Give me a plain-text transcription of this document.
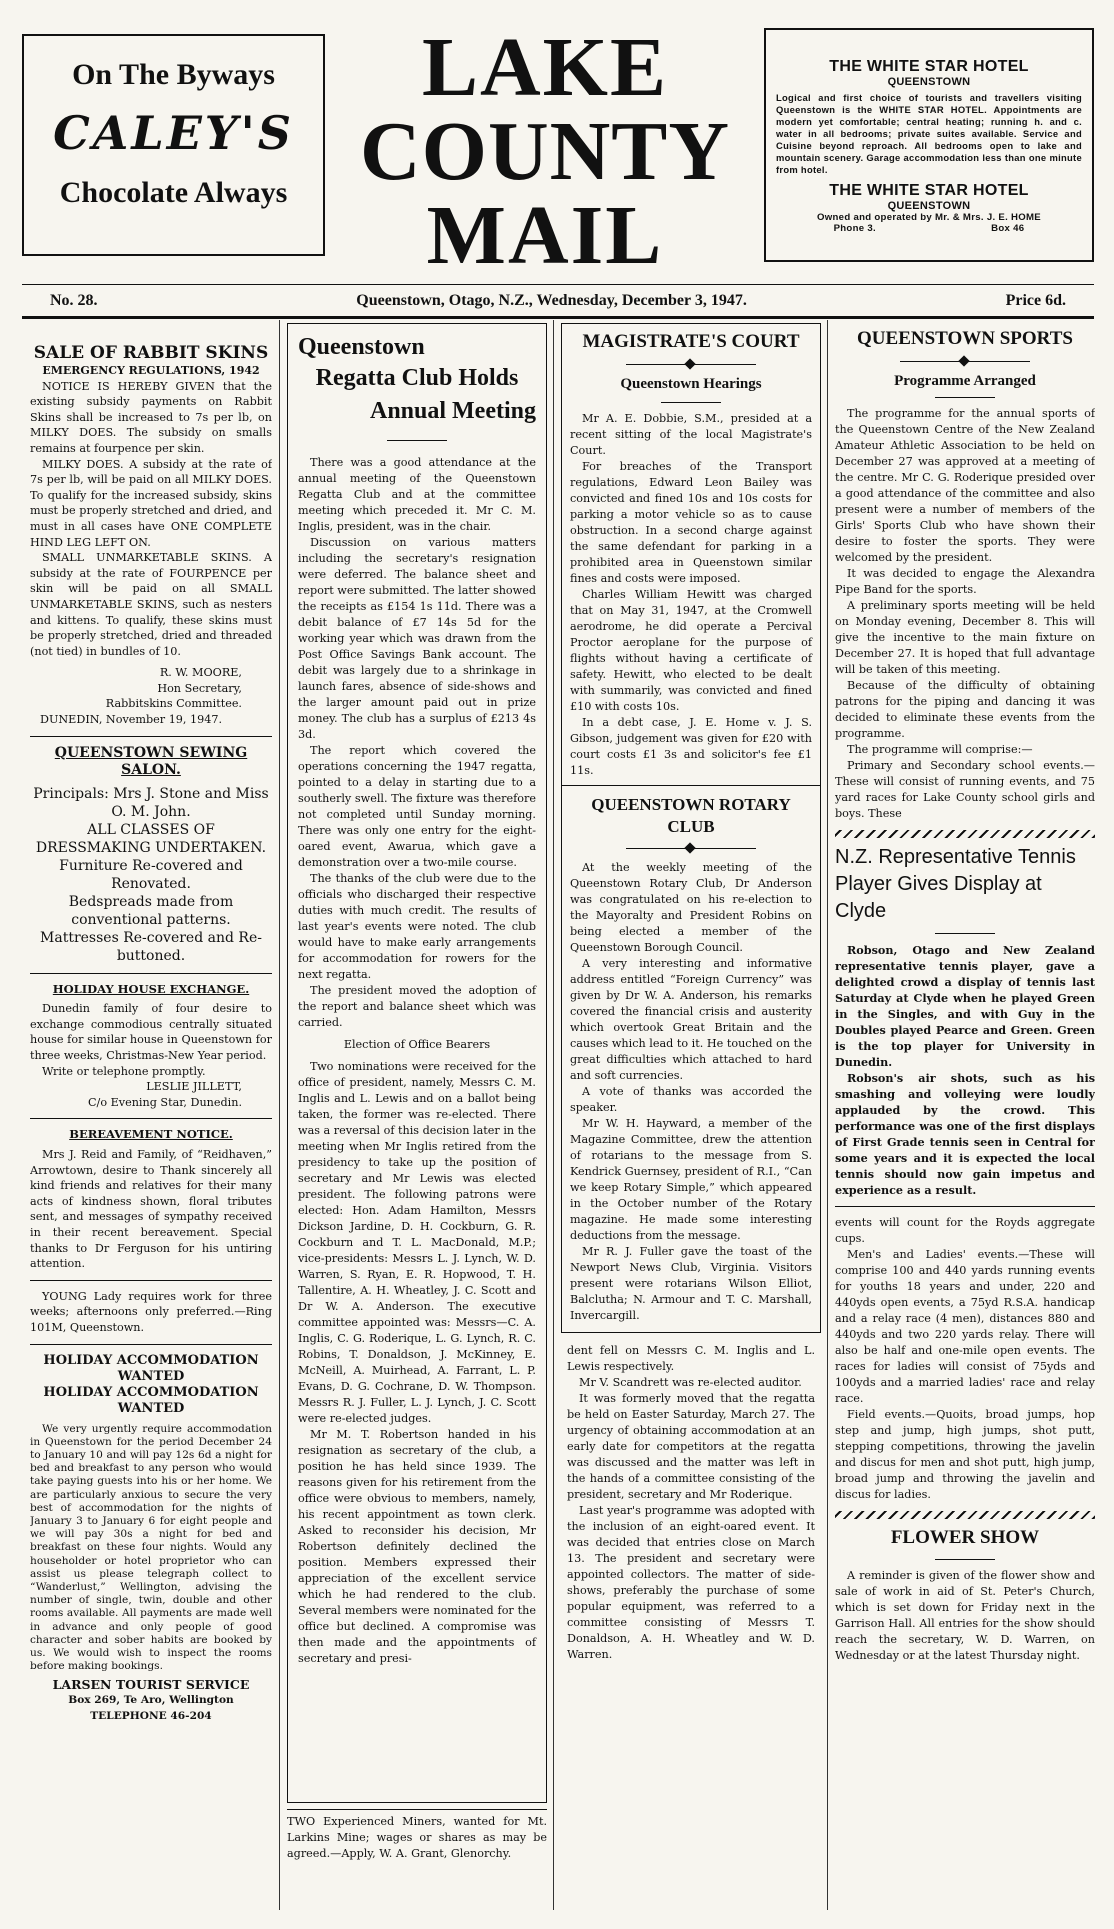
On The Byways
CALEY'S
Chocolate Always
LAKE
COUNTY
MAIL
THE WHITE STAR HOTEL
QUEENSTOWN
Logical and first choice of tourists and travellers visiting Queenstown is the WHITE STAR HOTEL. Appointments are modern yet comfortable; central heating; running h. and c. water in all bedrooms; private suites available. Service and Cuisine beyond reproach. All bedrooms open to lake and mountain scenery. Garage accommodation less than one minute from hotel.
THE WHITE STAR HOTEL
QUEENSTOWN
Owned and operated by Mr. & Mrs. J. E. HOME
Phone 3.	Box 46
No. 28.	Queenstown, Otago, N.Z., Wednesday, December 3, 1947.	Price 6d.
SALE OF RABBIT SKINS
EMERGENCY REGULATIONS, 1942

NOTICE IS HEREBY GIVEN that the existing subsidy payments on Rabbit Skins shall be increased to 7s per lb, on MILKY DOES. The subsidy on smalls remains at fourpence per skin.

MILKY DOES. A subsidy at the rate of 7s per lb, will be paid on all MILKY DOES. To qualify for the increased subsidy, skins must be properly stretched and dried, and must in all cases have ONE COMPLETE HIND LEG LEFT ON.

SMALL UNMARKETABLE SKINS. A subsidy at the rate of FOURPENCE per skin will be paid on all SMALL UNMARKETABLE SKINS, such as nesters and kittens. To qualify, these skins must be properly stretched, dried and threaded (not tied) in bundles of 10.

R. W. MOORE,
Hon Secretary,
Rabbitskins Committee.
DUNEDIN, November 19, 1947.
QUEENSTOWN SEWING SALON.
Principals: Mrs J. Stone and Miss O. M. John.
ALL CLASSES OF DRESSMAKING UNDERTAKEN.
Furniture Re-covered and Renovated.
Bedspreads made from conventional patterns.
Mattresses Re-covered and Re-buttoned.
HOLIDAY HOUSE EXCHANGE.

Dunedin family of four desire to exchange commodious centrally situated house for similar house in Queenstown for three weeks, Christmas-New Year period.

Write or telephone promptly.

LESLIE JILLETT,
C/o Evening Star, Dunedin.
BEREAVEMENT NOTICE.

Mrs J. Reid and Family, of “Reidhaven,” Arrowtown, desire to Thank sincerely all kind friends and relatives for their many acts of kindness shown, floral tributes sent, and messages of sympathy received in their recent bereavement. Special thanks to Dr Ferguson for his untiring attention.

YOUNG Lady requires work for three weeks; afternoons only preferred.—Ring 101M, Queenstown.

HOLIDAY ACCOMMODATION WANTED
HOLIDAY ACCOMMODATION WANTED

We very urgently require accommodation in Queenstown for the period December 24 to January 10 and will pay 12s 6d a night for bed and breakfast to any person who would take paying guests into his or her home. We are particularly anxious to secure the very best of accommodation for the nights of January 3 to January 6 for eight people and we will pay 30s a night for bed and breakfast on these four nights. Would any householder or hotel proprietor who can assist us please telegraph collect to “Wanderlust,” Wellington, advising the number of single, twin, double and other rooms available. All payments are made well in advance and only people of good character and sober habits are booked by us. We would wish to inspect the rooms before making bookings.

LARSEN TOURIST SERVICE
Box 269, Te Aro, Wellington
TELEPHONE 46-204
Queenstown
Regatta Club Holds
Annual Meeting

There was a good attendance at the annual meeting of the Queenstown Regatta Club and at the committee meeting which preceded it. Mr C. M. Inglis, president, was in the chair.

Discussion on various matters including the secretary's resignation were deferred. The balance sheet and report were submitted. The latter showed the receipts as £154 1s 11d. There was a debit balance of £7 14s 5d for the working year which was drawn from the Post Office Savings Bank account. The debit was largely due to a shrinkage in launch fares, absence of side-shows and the larger amount paid out in prize money. The club has a surplus of £213 4s 3d.

The report which covered the operations concerning the 1947 regatta, pointed to a delay in starting due to a southerly swell. The fixture was therefore not completed until Sunday morning. There was only one entry for the eight-oared event, Awarua, which gave a demonstration over a two-mile course.

The thanks of the club were due to the officials who discharged their respective duties with much credit. The results of last year's events were noted. The club would have to make early arrangements for accommodation for rowers for the next regatta.

The president moved the adoption of the report and balance sheet which was carried.

Election of Office Bearers

Two nominations were received for the office of president, namely, Messrs C. M. Inglis and L. Lewis and on a ballot being taken, the former was re-elected. There was a reversal of this decision later in the meeting when Mr Inglis retired from the presidency to take up the position of secretary and Mr Lewis was elected president. The following patrons were elected: Hon. Adam Hamilton, Messrs Dickson Jardine, D. H. Cockburn, G. R. Cockburn and T. L. MacDonald, M.P.; vice-presidents: Messrs L. J. Lynch, W. D. Warren, S. Ryan, E. R. Hopwood, T. H. Tallentire, A. H. Wheatley, J. C. Scott and Dr W. A. Anderson. The executive committee appointed was: Messrs—C. A. Inglis, C. G. Roderique, L. G. Lynch, R. C. Robins, T. Donaldson, J. McKinney, E. McNeill, A. Muirhead, A. Farrant, L. P. Evans, D. G. Cochrane, D. W. Thompson. Messrs R. J. Fuller, L. J. Lynch, J. C. Scott were re-elected judges.

Mr M. T. Robertson handed in his resignation as secretary of the club, a position he has held since 1939. The reasons given for his retirement from the office were obvious to members, namely, his recent appointment as town clerk. Asked to reconsider his decision, Mr Robertson definitely declined the position. Members expressed their appreciation of the excellent service which he had rendered to the club. Several members were nominated for the office but declined. A compromise was then made and the appointments of secretary and presi-

TWO Experienced Miners, wanted for Mt. Larkins Mine; wages or shares as may be agreed.—Apply, W. A. Grant, Glenorchy.

MAGISTRATE'S COURT
Queenstown Hearings

Mr A. E. Dobbie, S.M., presided at a recent sitting of the local Magistrate's Court.

For breaches of the Transport regulations, Edward Leon Bailey was convicted and fined 10s and 10s costs for parking a motor vehicle so as to cause obstruction. In a second charge against the same defendant for parking in a prohibited area in Queenstown similar fines and costs were imposed.

Charles William Hewitt was charged that on May 31, 1947, at the Cromwell aerodrome, he did operate a Percival Proctor aeroplane for the purpose of flights without having a certificate of safety. Hewitt, who elected to be dealt with summarily, was convicted and fined £10 with costs 10s.

In a debt case, J. E. Home v. J. S. Gibson, judgement was given for £20 with court costs £1 3s and solicitor's fee £1 11s.

QUEENSTOWN ROTARY CLUB

At the weekly meeting of the Queenstown Rotary Club, Dr Anderson was congratulated on his re-election to the Mayoralty and President Robins on being elected a member of the Queenstown Borough Council.

A very interesting and informative address entitled “Foreign Currency” was given by Dr W. A. Anderson, his remarks covered the financial crisis and austerity which overtook Great Britain and the causes which lead to it. He touched on the great difficulties which attached to hard and soft currencies.

A vote of thanks was accorded the speaker.

Mr W. H. Hayward, a member of the Magazine Committee, drew the attention of rotarians to the message from S. Kendrick Guernsey, president of R.I., “Can we keep Rotary Simple,” which appeared in the October number of the Rotary magazine. He made some interesting deductions from the message.

Mr R. J. Fuller gave the toast of the Newport News Club, Virginia. Visitors present were rotarians Wilson Elliot, Balclutha; N. Armour and T. C. Marshall, Invercargill.

dent fell on Messrs C. M. Inglis and L. Lewis respectively.

Mr V. Scandrett was re-elected auditor.

It was formerly moved that the regatta be held on Easter Saturday, March 27. The urgency of obtaining accommodation at an early date for competitors at the regatta was discussed and the matter was left in the hands of a committee consisting of the president, secretary and Mr Roderique.

Last year's programme was adopted with the inclusion of an eight-oared event. It was decided that entries close on March 13. The president and secretary were appointed collectors. The matter of side-shows, preferably the purchase of some popular equipment, was referred to a committee consisting of Messrs T. Donaldson, A. H. Wheatley and W. D. Warren.

QUEENSTOWN SPORTS
Programme Arranged

The programme for the annual sports of the Queenstown Centre of the New Zealand Amateur Athletic Association to be held on December 27 was approved at a meeting of the centre. Mr C. G. Roderique presided over a good attendance of the committee and also present were a number of members of the Girls' Sports Club who have shown their desire to foster the sports. They were welcomed by the president.

It was decided to engage the Alexandra Pipe Band for the sports.

A preliminary sports meeting will be held on Monday evening, December 8. This will give the incentive to the main fixture on December 27. It is hoped that full advantage will be taken of this meeting.

Because of the difficulty of obtaining patrons for the piping and dancing it was decided to eliminate these events from the programme.

The programme will comprise:—

Primary and Secondary school events.—These will consist of running events, and 75 yard races for Lake County school girls and boys. These

N.Z. Representative Tennis Player Gives Display at Clyde

Robson, Otago and New Zealand representative tennis player, gave a delighted crowd a display of tennis last Saturday at Clyde when he played Green in the Singles, and with Guy in the Doubles played Pearce and Green. Green is the top player for University in Dunedin.

Robson's air shots, such as his smashing and volleying were loudly applauded by the crowd. This performance was one of the first displays of First Grade tennis seen in Central for some years and it is expected the local tennis should now gain impetus and experience as a result.

events will count for the Royds aggregate cups.

Men's and Ladies' events.—These will comprise 100 and 440 yards running events for youths 18 years and under, 220 and 440yds open events, a 75yd R.S.A. handicap and a relay race (4 men), distances 880 and 440yds and two 220 yards relay. There will also be half and one-mile open events. The races for ladies will consist of 75yds and 100yds and a married ladies' race and relay race.

Field events.—Quoits, broad jumps, hop step and jump, high jumps, shot putt, stepping competitions, throwing the javelin and discus for men and shot putt, high jump, broad jump and throwing the javelin and discus for ladies.

FLOWER SHOW

A reminder is given of the flower show and sale of work in aid of St. Peter's Church, which is set down for Friday next in the Garrison Hall. All entries for the show should reach the secretary, W. D. Warren, on Wednesday or at the latest Thursday night.
